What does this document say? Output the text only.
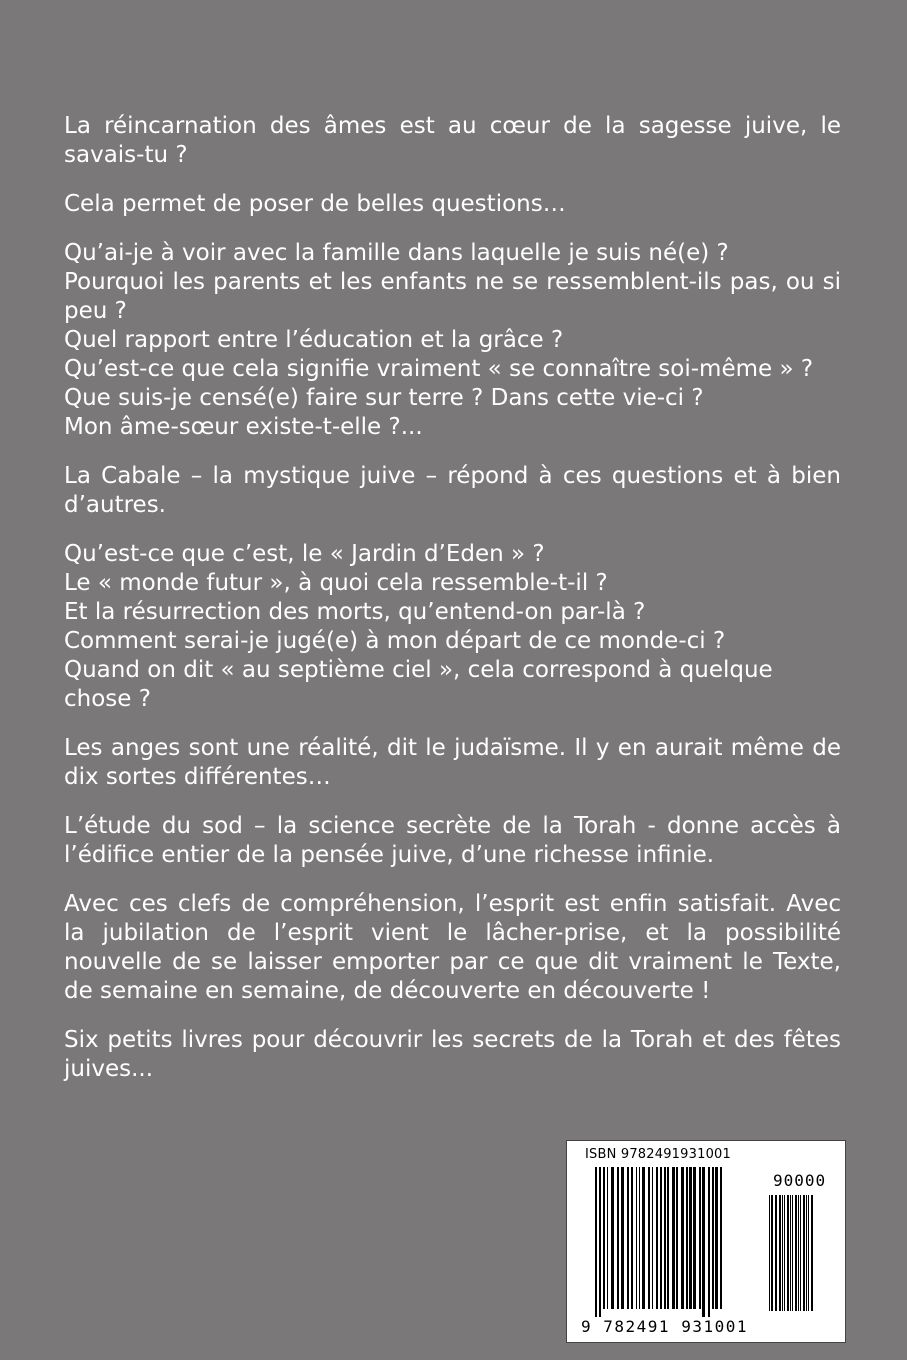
La réincarnation des âmes est au cœur de la sagesse juive, le savais-tu ?

Cela permet de poser de belles questions…

Qu’ai-je à voir avec la famille dans laquelle je suis né(e) ?
Pourquoi les parents et les enfants ne se ressemblent-ils pas, ou si peu ?
Quel rapport entre l’éducation et la grâce ?
Qu’est-ce que cela signifie vraiment « se connaître soi-même » ?
Que suis-je censé(e) faire sur terre ? Dans cette vie-ci ?
Mon âme-sœur existe-t-elle ?...

La Cabale – la mystique juive – répond à ces questions et à bien d’autres.

Qu’est-ce que c’est, le « Jardin d’Eden » ?
Le « monde futur », à quoi cela ressemble-t-il ?
Et la résurrection des morts, qu’entend-on par-là ?
Comment serai-je jugé(e) à mon départ de ce monde-ci ?
Quand on dit « au septième ciel », cela correspond à quelque chose ?

Les anges sont une réalité, dit le judaïsme. Il y en aurait même de dix sortes différentes…

L’étude du sod – la science secrète de la Torah - donne accès à l’édifice entier de la pensée juive, d’une richesse infinie.

Avec ces clefs de compréhension, l’esprit est enfin satisfait. Avec la jubilation de l’esprit vient le lâcher-prise, et la possibilité nouvelle de se laisser emporter par ce que dit vraiment le Texte, de semaine en semaine, de découverte en découverte !

Six petits livres pour découvrir les secrets de la Torah et des fêtes juives...

ISBN 9782491931001
90000
9 782491 931001
